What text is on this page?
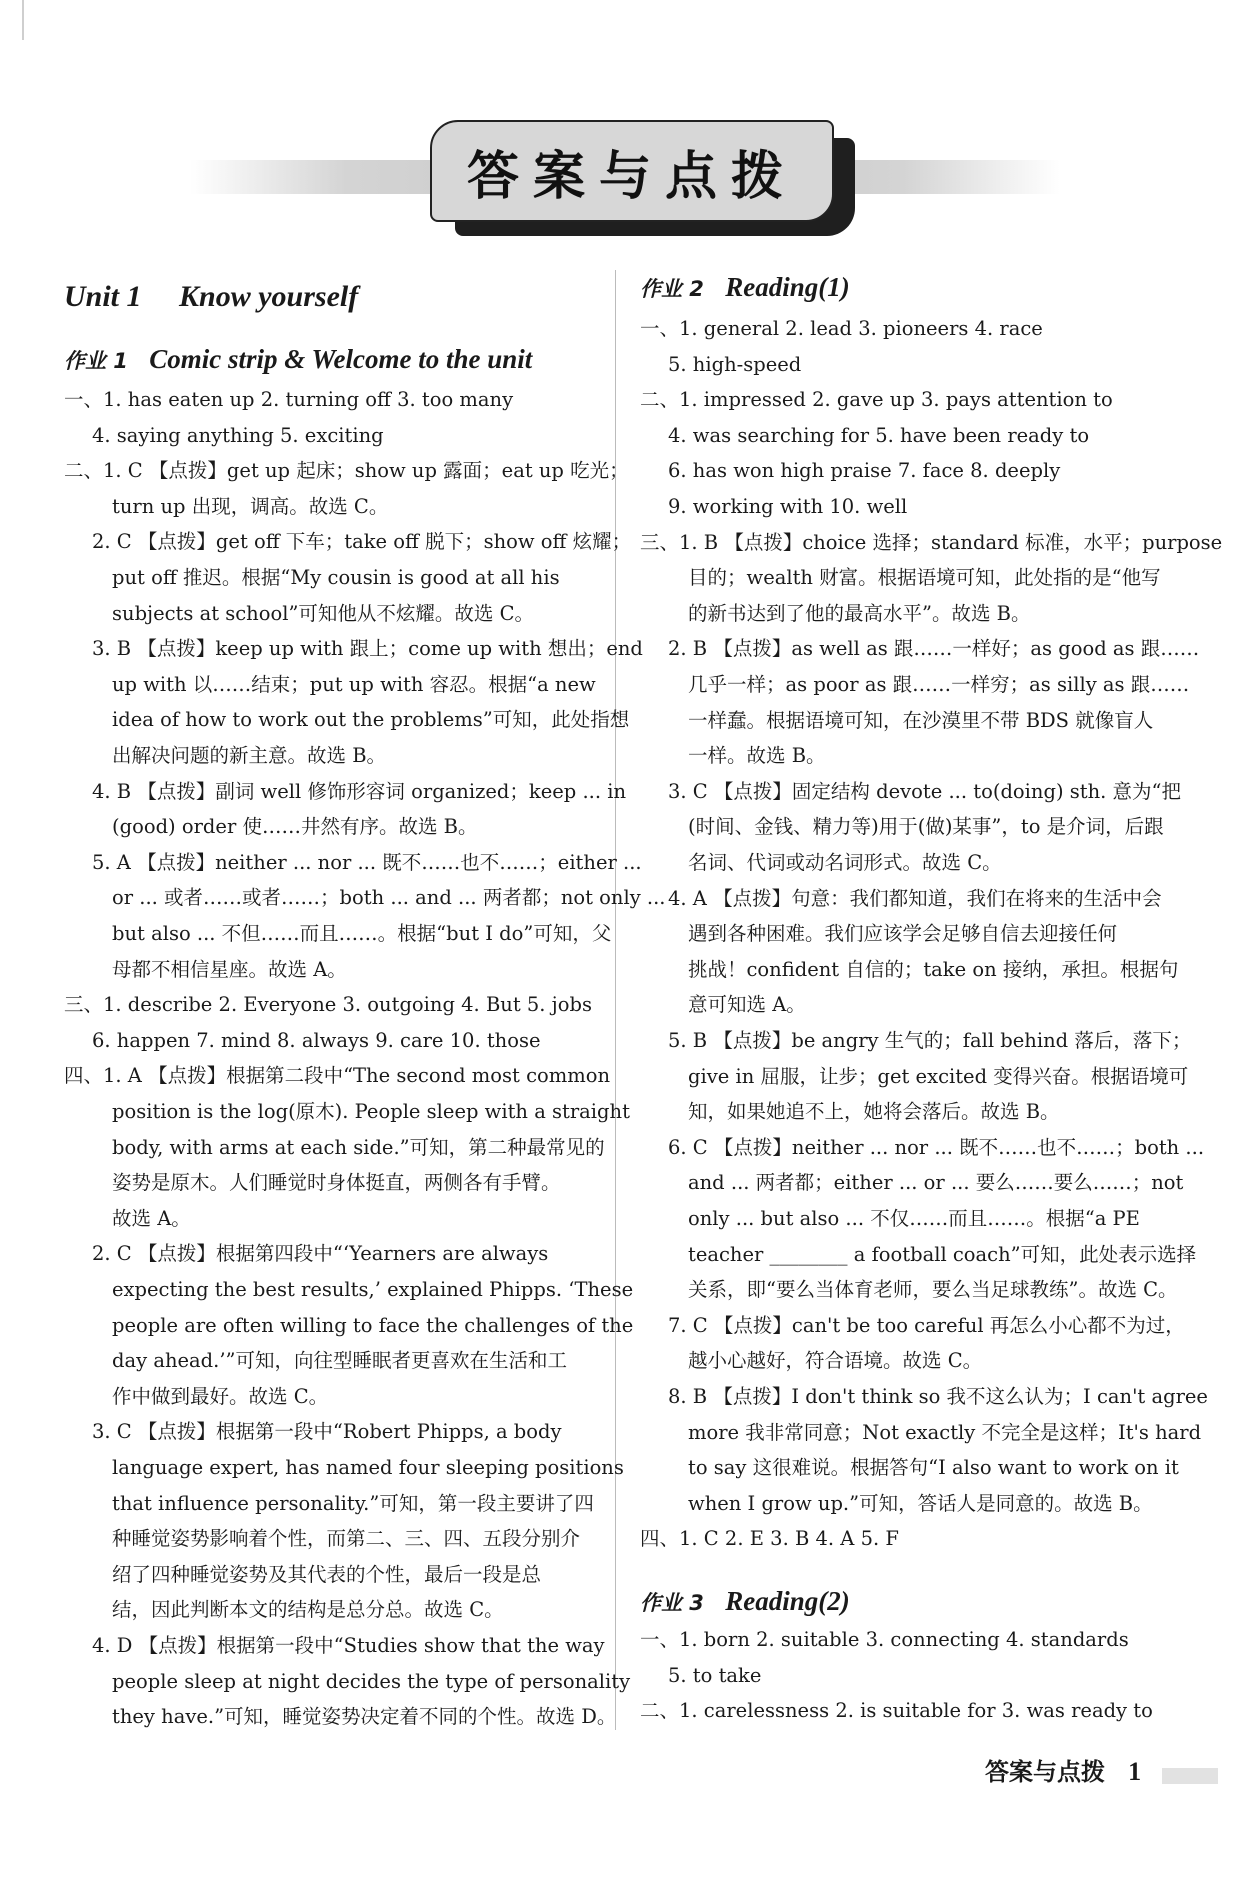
答案与点拨
Unit 1 Know yourself
作业 1 Comic strip & Welcome to the unit
一、1. has eaten up 2. turning off 3. too many
4. saying anything 5. exciting
二、1. C 【点拨】get up 起床；show up 露面；eat up 吃光；
turn up 出现，调高。故选 C。
2. C 【点拨】get off 下车；take off 脱下；show off 炫耀；
put off 推迟。根据“My cousin is good at all his
subjects at school”可知他从不炫耀。故选 C。
3. B 【点拨】keep up with 跟上；come up with 想出；end
up with 以……结束；put up with 容忍。根据“a new
idea of how to work out the problems”可知，此处指想
出解决问题的新主意。故选 B。
4. B 【点拨】副词 well 修饰形容词 organized；keep ... in
(good) order 使……井然有序。故选 B。
5. A 【点拨】neither ... nor ... 既不……也不……；either ...
or ... 或者……或者……；both ... and ... 两者都；not only ...
but also ... 不但……而且……。根据“but I do”可知，父
母都不相信星座。故选 A。
三、1. describe 2. Everyone 3. outgoing 4. But 5. jobs
6. happen 7. mind 8. always 9. care 10. those
四、1. A 【点拨】根据第二段中“The second most common
position is the log(原木). People sleep with a straight
body, with arms at each side.”可知，第二种最常见的
姿势是原木。人们睡觉时身体挺直，两侧各有手臂。
故选 A。
2. C 【点拨】根据第四段中“‘Yearners are always
expecting the best results,’ explained Phipps. ‘These
people are often willing to face the challenges of the
day ahead.’”可知，向往型睡眠者更喜欢在生活和工
作中做到最好。故选 C。
3. C 【点拨】根据第一段中“Robert Phipps, a body
language expert, has named four sleeping positions
that influence personality.”可知，第一段主要讲了四
种睡觉姿势影响着个性，而第二、三、四、五段分别介
绍了四种睡觉姿势及其代表的个性，最后一段是总
结，因此判断本文的结构是总分总。故选 C。
4. D 【点拨】根据第一段中“Studies show that the way
people sleep at night decides the type of personality
they have.”可知，睡觉姿势决定着不同的个性。故选 D。
作业 2 Reading(1)
一、1. general 2. lead 3. pioneers 4. race
5. high-speed
二、1. impressed 2. gave up 3. pays attention to
4. was searching for 5. have been ready to
6. has won high praise 7. face 8. deeply
9. working with 10. well
三、1. B 【点拨】choice 选择；standard 标准，水平；purpose
目的；wealth 财富。根据语境可知，此处指的是“他写
的新书达到了他的最高水平”。故选 B。
2. B 【点拨】as well as 跟……一样好；as good as 跟……
几乎一样；as poor as 跟……一样穷；as silly as 跟……
一样蠢。根据语境可知，在沙漠里不带 BDS 就像盲人
一样。故选 B。
3. C 【点拨】固定结构 devote ... to(doing) sth. 意为“把
(时间、金钱、精力等)用于(做)某事”，to 是介词，后跟
名词、代词或动名词形式。故选 C。
4. A 【点拨】句意：我们都知道，我们在将来的生活中会
遇到各种困难。我们应该学会足够自信去迎接任何
挑战！confident 自信的；take on 接纳，承担。根据句
意可知选 A。
5. B 【点拨】be angry 生气的；fall behind 落后，落下；
give in 屈服，让步；get excited 变得兴奋。根据语境可
知，如果她追不上，她将会落后。故选 B。
6. C 【点拨】neither ... nor ... 既不……也不……；both ...
and ... 两者都；either ... or ... 要么……要么……；not
only ... but also ... 不仅……而且……。根据“a PE
teacher ________ a football coach”可知，此处表示选择
关系，即“要么当体育老师，要么当足球教练”。故选 C。
7. C 【点拨】can't be too careful 再怎么小心都不为过，
越小心越好，符合语境。故选 C。
8. B 【点拨】I don't think so 我不这么认为；I can't agree
more 我非常同意；Not exactly 不完全是这样；It's hard
to say 这很难说。根据答句“I also want to work on it
when I grow up.”可知，答话人是同意的。故选 B。
四、1. C 2. E 3. B 4. A 5. F
作业 3 Reading(2)
一、1. born 2. suitable 3. connecting 4. standards
5. to take
二、1. carelessness 2. is suitable for 3. was ready to
答案与点拨 1
